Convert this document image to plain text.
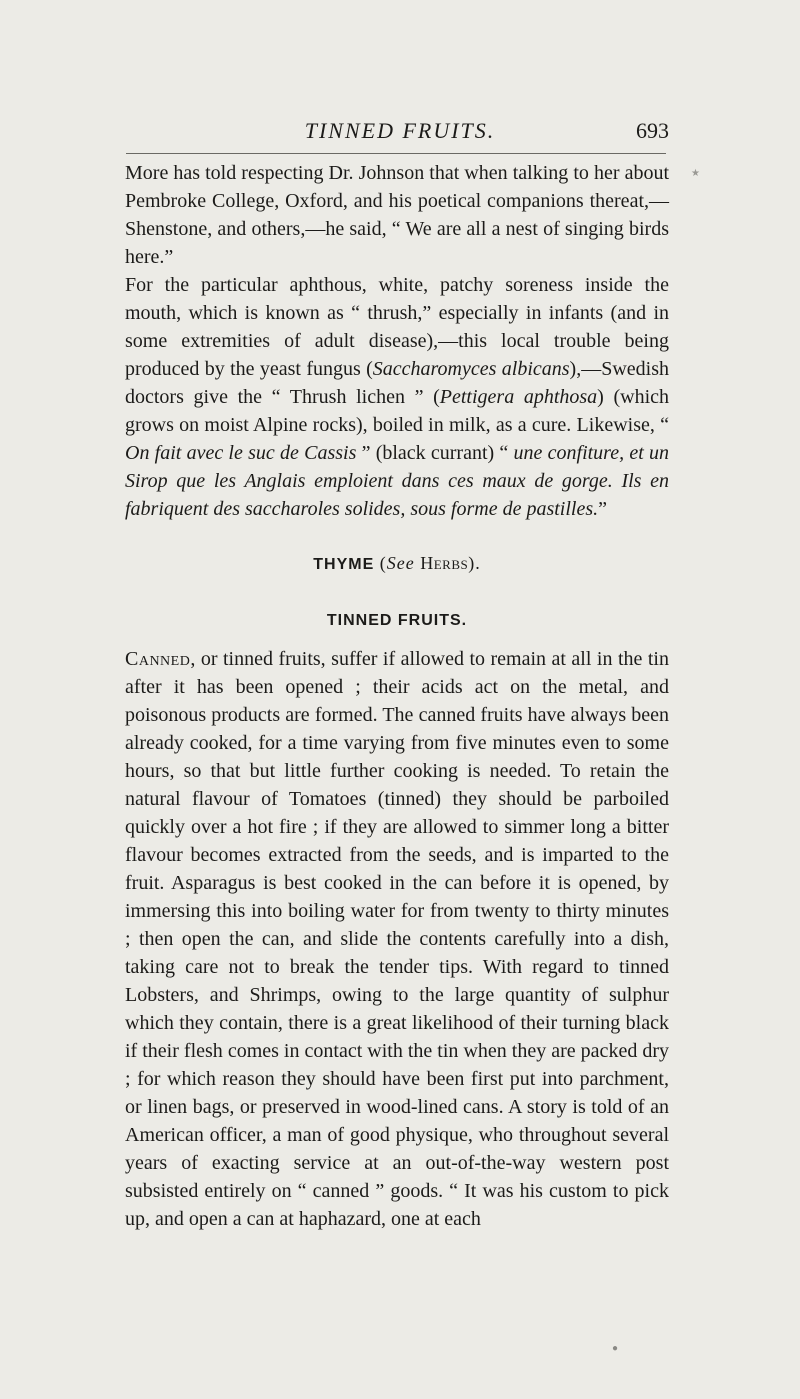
TINNED FRUITS.	693
★

More has told respecting Dr. Johnson that when talking to her about Pembroke College, Oxford, and his poetical companions thereat,—Shenstone, and others,—he said, “ We are all a nest of singing birds here.”

For the particular aphthous, white, patchy soreness inside the mouth, which is known as “ thrush,” especially in infants (and in some extremities of adult disease),—this local trouble being produced by the yeast fungus (Saccharomyces albicans),—Swedish doctors give the “ Thrush lichen ” (Pettigera aphthosa) (which grows on moist Alpine rocks), boiled in milk, as a cure. Likewise, “ On fait avec le suc de Cassis ” (black currant) “ une confiture, et un Sirop que les Anglais emploient dans ces maux de gorge. Ils en fabriquent des saccharoles solides, sous forme de pastilles.”

THYME (See Herbs).

TINNED FRUITS.

Canned, or tinned fruits, suffer if allowed to remain at all in the tin after it has been opened ; their acids act on the metal, and poisonous products are formed. The canned fruits have always been already cooked, for a time varying from five minutes even to some hours, so that but little further cooking is needed. To retain the natural flavour of Tomatoes (tinned) they should be parboiled quickly over a hot fire ; if they are allowed to simmer long a bitter flavour becomes extracted from the seeds, and is imparted to the fruit. Asparagus is best cooked in the can before it is opened, by immersing this into boiling water for from twenty to thirty minutes ; then open the can, and slide the contents carefully into a dish, taking care not to break the tender tips. With regard to tinned Lobsters, and Shrimps, owing to the large quantity of sulphur which they contain, there is a great likelihood of their turning black if their flesh comes in contact with the tin when they are packed dry ; for which reason they should have been first put into parchment, or linen bags, or preserved in wood-lined cans. A story is told of an American officer, a man of good physique, who throughout several years of exacting service at an out-of-the-way western post subsisted entirely on “ canned ” goods. “ It was his custom to pick up, and open a can at haphazard, one at each

●
